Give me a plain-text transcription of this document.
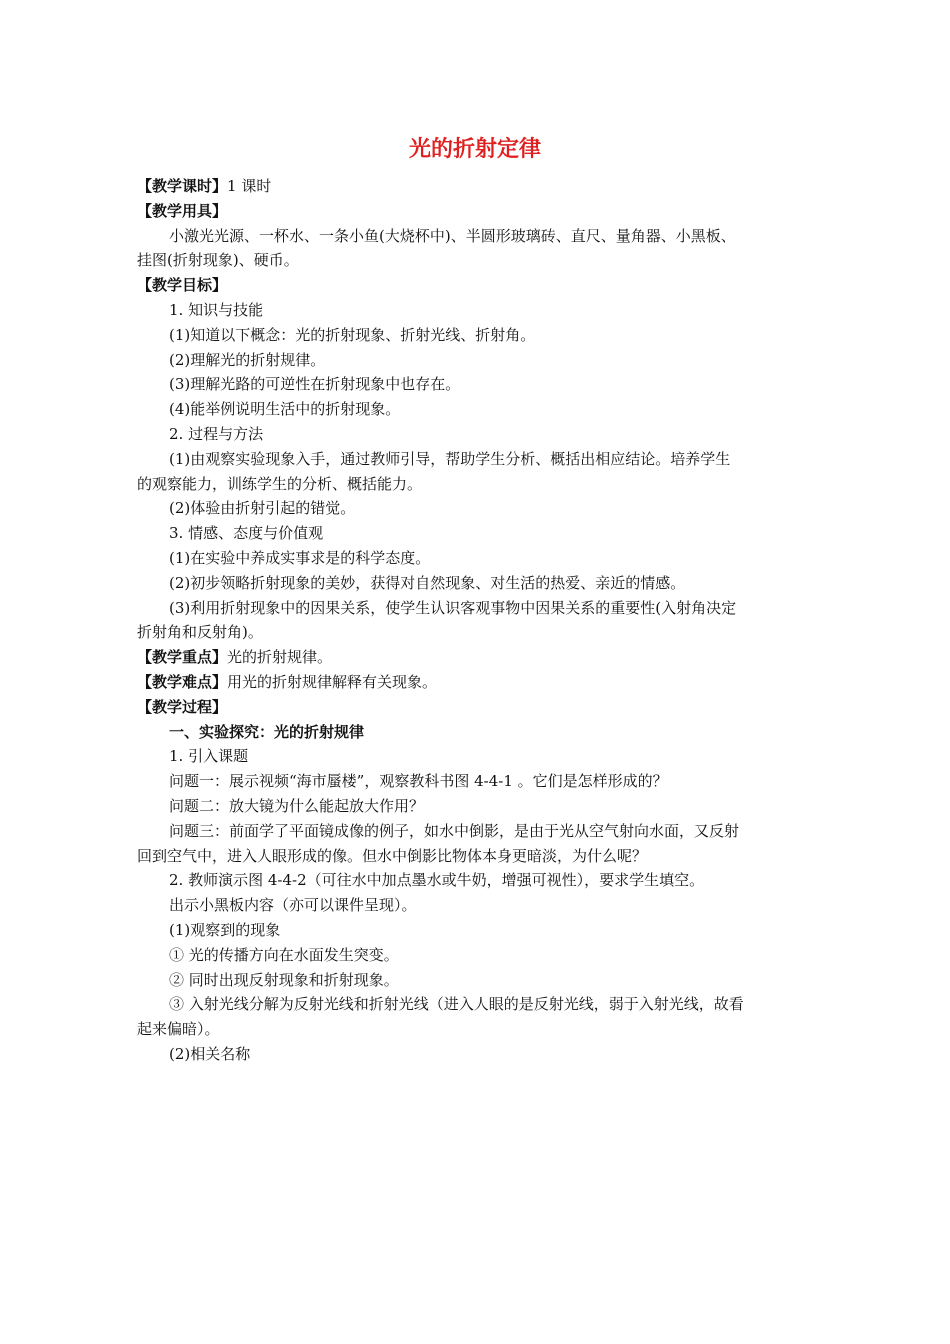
光的折射定律

【教学课时】1 课时

【教学用具】

小激光光源、一杯水、一条小鱼(大烧杯中)、半圆形玻璃砖、直尺、量角器、小黑板、

挂图(折射现象)、硬币。

【教学目标】

1. 知识与技能

(1)知道以下概念：光的折射现象、折射光线、折射角。

(2)理解光的折射规律。

(3)理解光路的可逆性在折射现象中也存在。

(4)能举例说明生活中的折射现象。

2. 过程与方法

(1)由观察实验现象入手，通过教师引导，帮助学生分析、概括出相应结论。培养学生

的观察能力，训练学生的分析、概括能力。

(2)体验由折射引起的错觉。

3. 情感、态度与价值观

(1)在实验中养成实事求是的科学态度。

(2)初步领略折射现象的美妙，获得对自然现象、对生活的热爱、亲近的情感。

(3)利用折射现象中的因果关系，使学生认识客观事物中因果关系的重要性(入射角决定

折射角和反射角)。

【教学重点】光的折射规律。

【教学难点】用光的折射规律解释有关现象。

【教学过程】

一、实验探究：光的折射规律

1. 引入课题

问题一：展示视频“海市蜃楼”，观察教科书图 4-4-1 。它们是怎样形成的？

问题二：放大镜为什么能起放大作用？

问题三：前面学了平面镜成像的例子，如水中倒影，是由于光从空气射向水面，又反射

回到空气中，进入人眼形成的像。但水中倒影比物体本身更暗淡，为什么呢？

2. 教师演示图 4-4-2（可往水中加点墨水或牛奶，增强可视性），要求学生填空。

出示小黑板内容（亦可以课件呈现）。

(1)观察到的现象

① 光的传播方向在水面发生突变。

② 同时出现反射现象和折射现象。

③ 入射光线分解为反射光线和折射光线（进入人眼的是反射光线，弱于入射光线，故看

起来偏暗）。

(2)相关名称
